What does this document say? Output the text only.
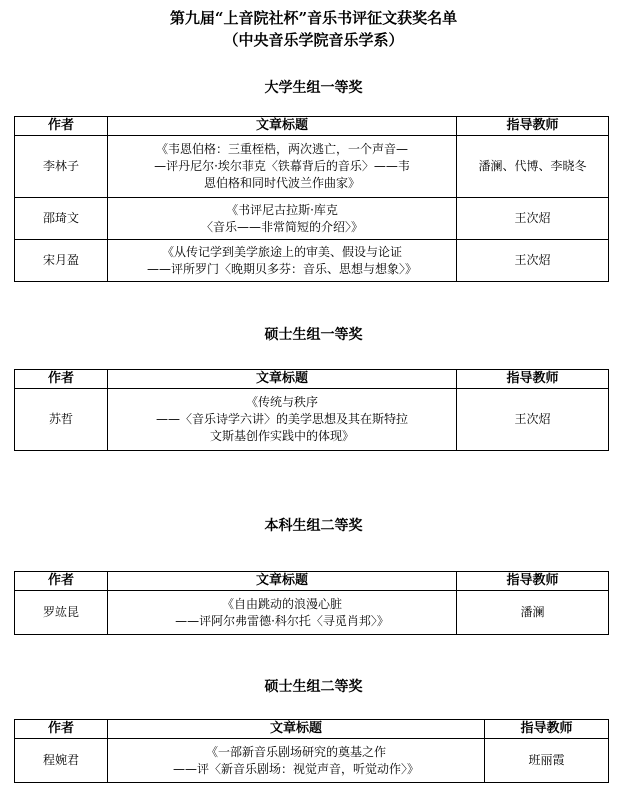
第九届“上音院社杯”音乐书评征文获奖名单
（中央音乐学院音乐学系）
大学生组一等奖
作者	文章标题	指导教师
李林子	《韦恩伯格：三重桎梏，两次逃亡，一个声音—
—评丹尼尔·埃尔菲克〈铁幕背后的音乐〉——韦
恩伯格和同时代波兰作曲家》	潘澜、代博、李晓冬
邵琦文	《书评尼古拉斯·库克
〈音乐——非常简短的介绍〉》	王次炤
宋月盈	《从传记学到美学旅途上的审美、假设与论证
——评所罗门〈晚期贝多芬：音乐、思想与想象〉》	王次炤
硕士生组一等奖
作者	文章标题	指导教师
苏哲	《传统与秩序
——〈音乐诗学六讲〉的美学思想及其在斯特拉
文斯基创作实践中的体现》	王次炤
本科生组二等奖
作者	文章标题	指导教师
罗竑昆	《自由跳动的浪漫心脏
——评阿尔弗雷德·科尔托〈寻觅肖邦〉》	潘澜
硕士生组二等奖
作者	文章标题	指导教师
程婉君	《一部新音乐剧场研究的奠基之作
——评〈新音乐剧场：视觉声音，听觉动作〉》	班丽霞
